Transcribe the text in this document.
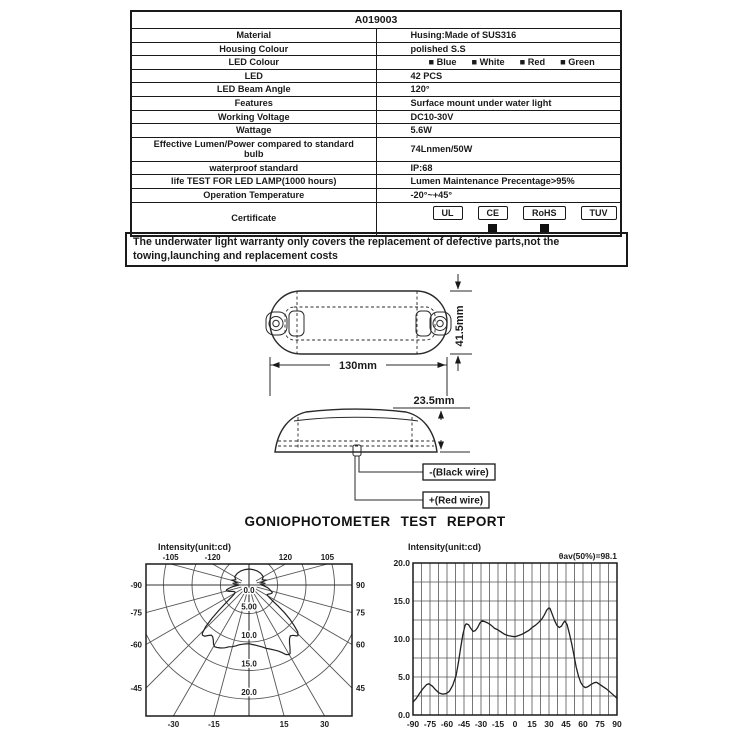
A019003	
Material	Husing:Made of SUS316
Housing Colour	polished S.S
LED Colour	■ Blue ■ White ■ Red ■ Green
LED	42 PCS
LED Beam Angle	120°
Features	Surface mount under water light
Working Voltage	DC10-30V
Wattage	5.6W
Effective Lumen/Power compared to standard bulb	74Lnmen/50W
waterproof standard	IP:68
life TEST FOR LED LAMP(1000 hours)	Lumen Maintenance Precentage>95%
Operation Temperature	-20°~+45°
Certificate	UL CE RoHS TUV
The underwater light warranty only covers the replacement of defective parts,not the towing,launching and replacement costs
41.5mm
130mm
-(Black wire)
+(Red wire)
23.5mm
GONIOPHOTOMETER TEST REPORT
Intensity(unit:cd)
-120
-105
-90
-75
-60
-45
-30	-15	15	30
45
60
75
90
105
120
0.0
5.00
10.0
15.0
20.0
Intensity(unit:cd)
θav(50%)=98.1
-90 -75 -60 -45 -30 -15 0 15 30 45 60 75 90
0.0
5.0
10.0
15.0
20.0
